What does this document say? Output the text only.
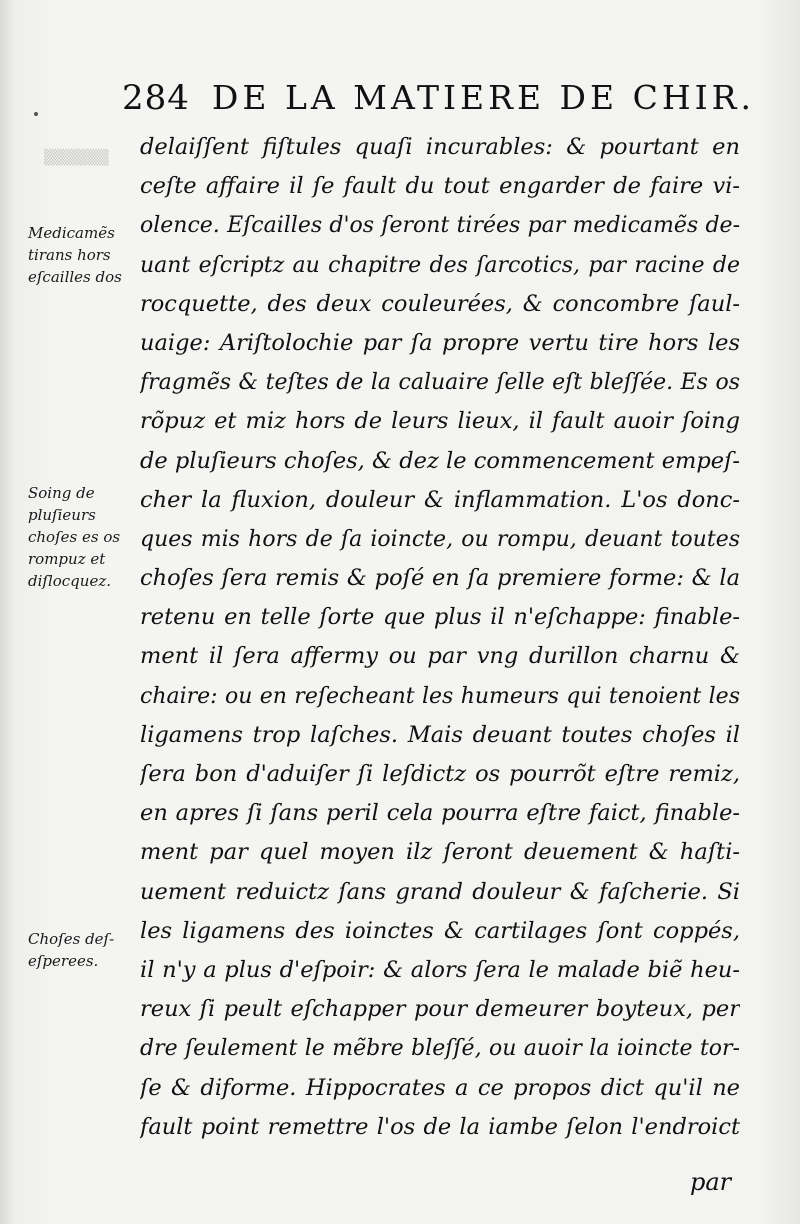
▒▒▒▒▒▒
284 DE LA MATIERE DE CHIR.
Medicamẽs
tirans hors
eſcailles dos
Soing de
pluſieurs
choſes es os
rompuz et
diſlocquez.
Choſes deſ-
eſperees.
delaiſſent fiſtules quaſi incurables: & pourtant en
ceſte affaire il ſe fault du tout engarder de faire vi-
olence. Eſcailles d'os ſeront tirées par medicamẽs de-
uant eſcriptz au chapitre des ſarcotics, par racine de
rocquette, des deux couleurées, & concombre ſaul-
uaige: Ariſtolochie par ſa propre vertu tire hors les
fragmẽs & teſtes de la caluaire ſelle eſt bleſſée. Es os
rõpuz et miz hors de leurs lieux, il fault auoir ſoing
de pluſieurs choſes, & dez le commencement empeſ-
cher la fluxion, douleur & inflammation. L'os donc-
ques mis hors de ſa ioincte, ou rompu, deuant toutes
choſes ſera remis & poſé en ſa premiere forme: & la
retenu en telle ſorte que plus il n'eſchappe: finable-
ment il ſera affermy ou par vng durillon charnu &
chaire: ou en reſecheant les humeurs qui tenoient les
ligamens trop laſches. Mais deuant toutes choſes il
ſera bon d'aduiſer ſi leſdictz os pourrõt eſtre remiz,
en apres ſi ſans peril cela pourra eſtre faict, finable-
ment par quel moyen ilz ſeront deuement & haſti-
uement reduictz ſans grand douleur & faſcherie. Si
les ligamens des ioinctes & cartilages ſont coppés,
il n'y a plus d'eſpoir: & alors ſera le malade biẽ heu-
reux ſi peult eſchapper pour demeurer boyteux, per
dre ſeulement le mẽbre bleſſé, ou auoir la ioincte tor-
ſe & diforme. Hippocrates a ce propos dict qu'il ne
fault point remettre l'os de la iambe ſelon l'endroict
par
